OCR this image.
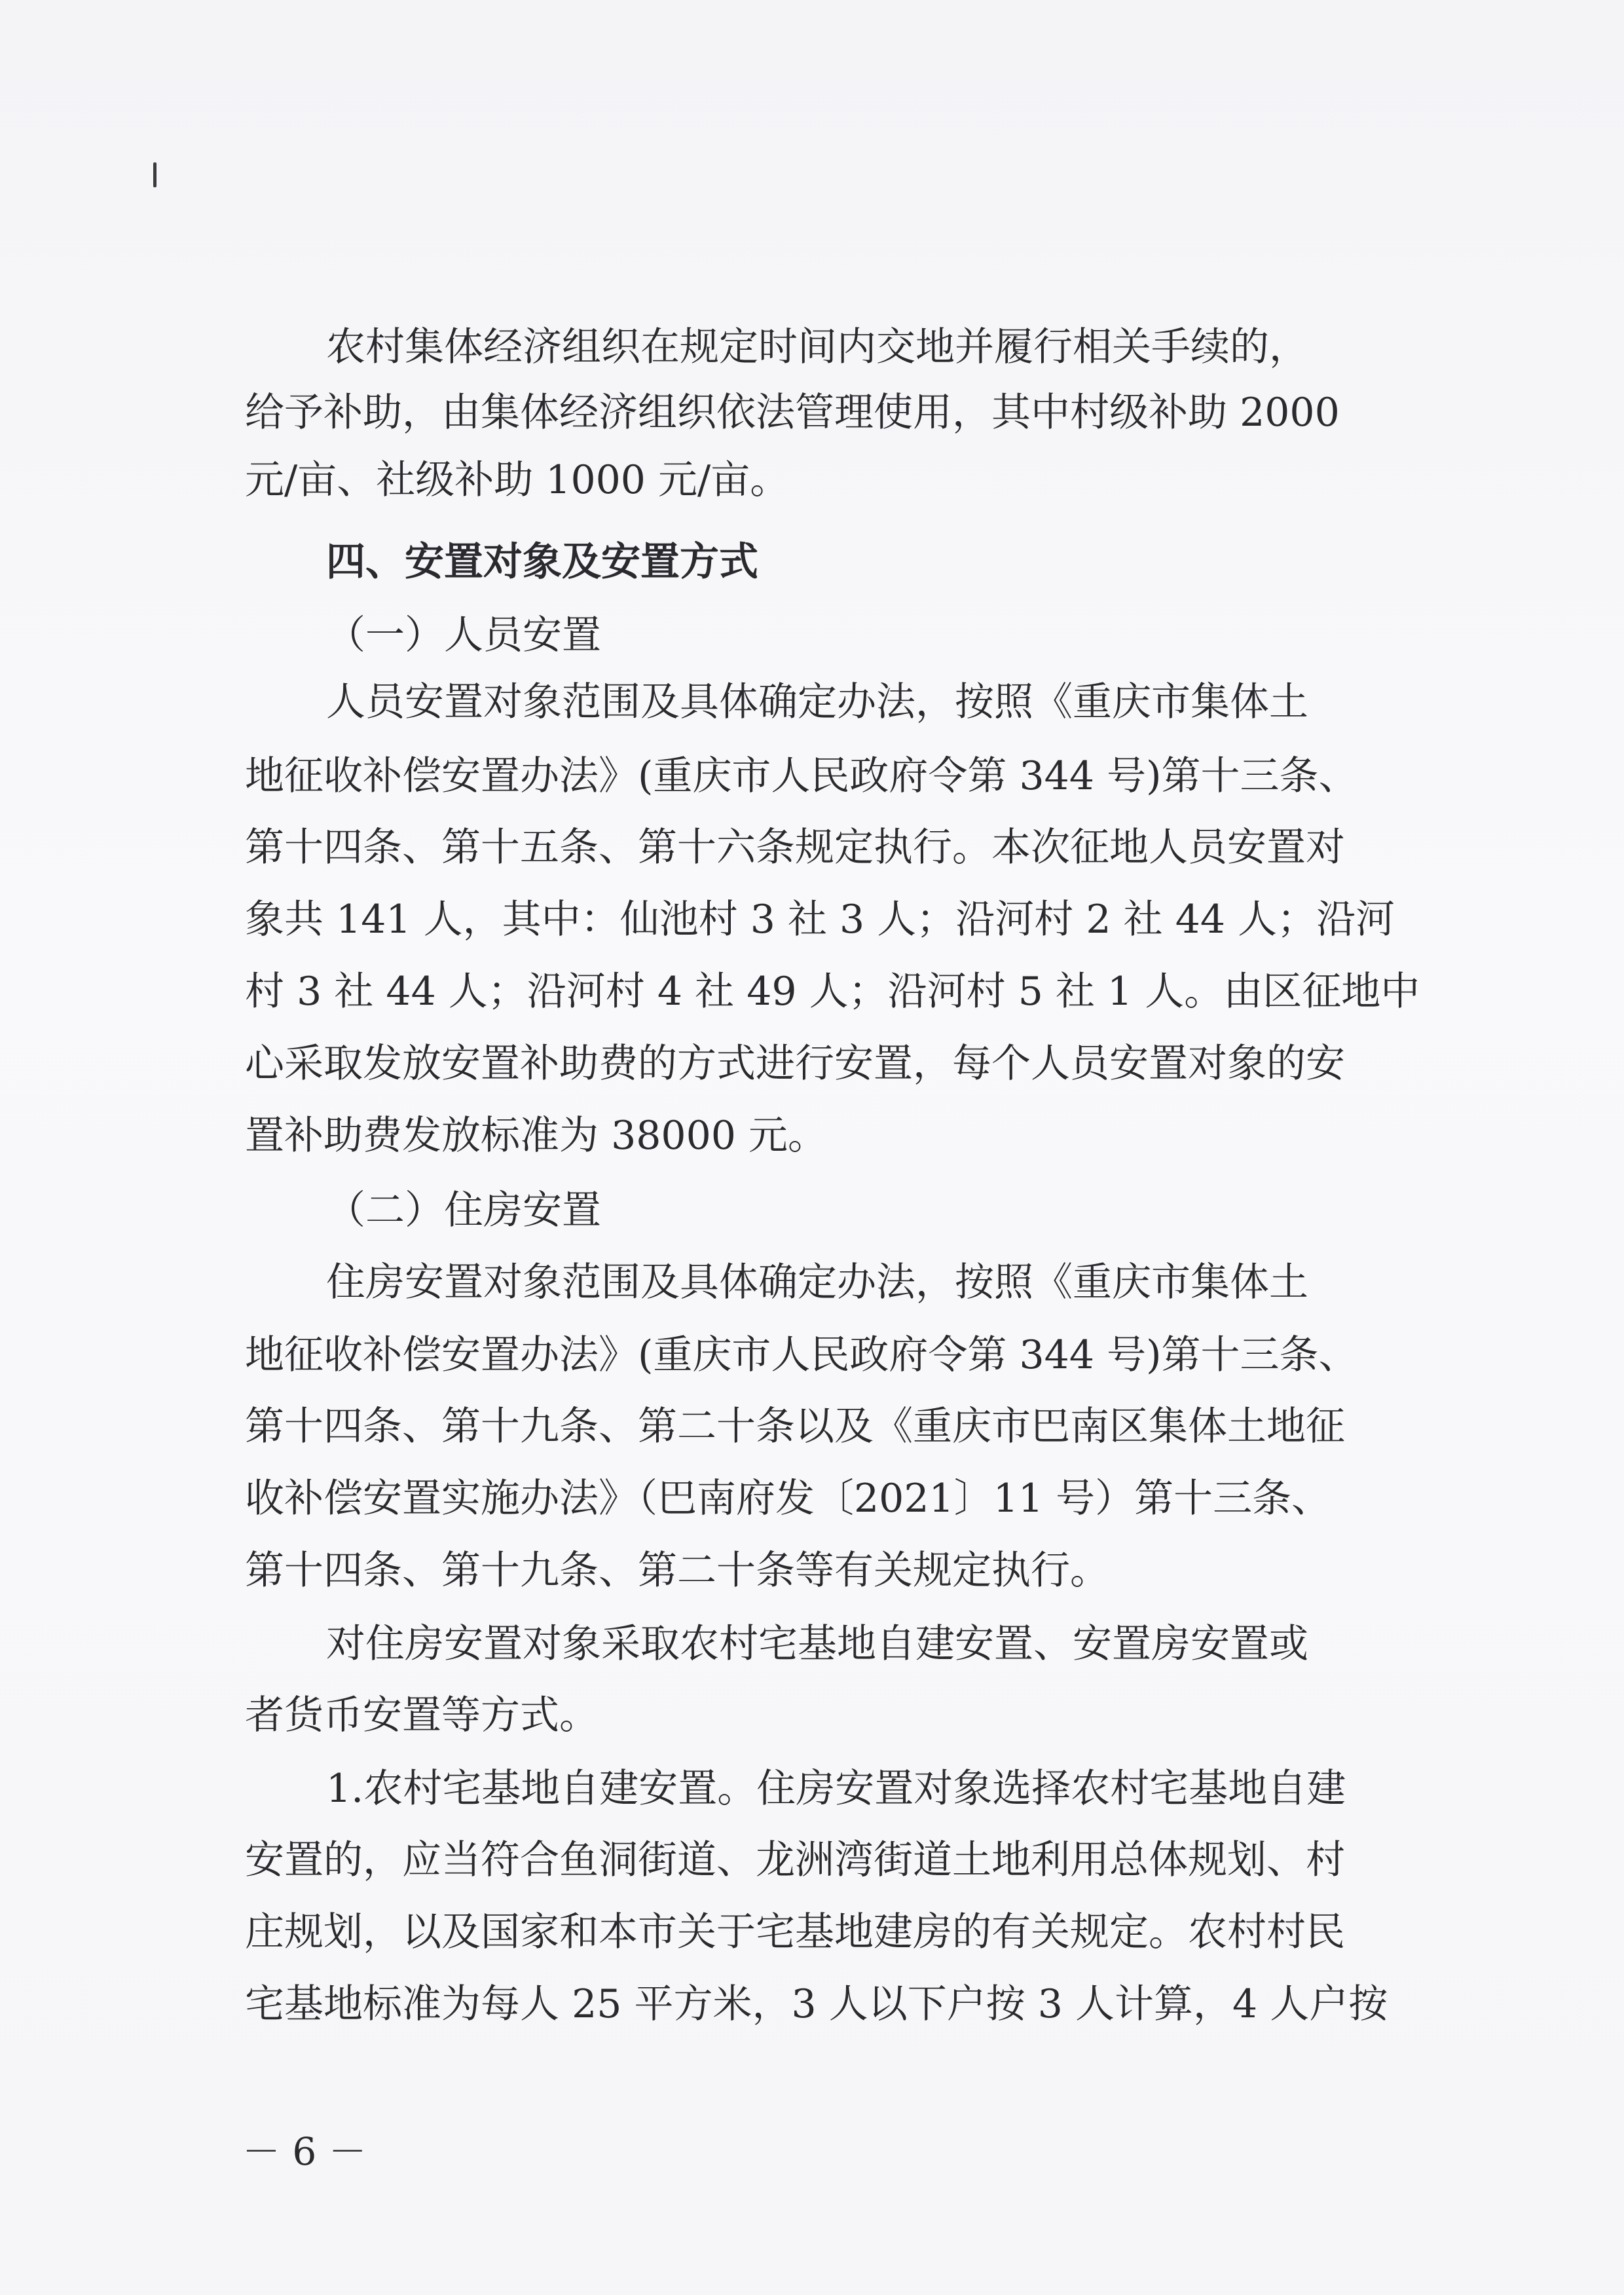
农村集体经济组织在规定时间内交地并履行相关手续的，
给予补助，由集体经济组织依法管理使用，其中村级补助 2000
元/亩、社级补助 1000 元/亩。
四、安置对象及安置方式
（一）人员安置
人员安置对象范围及具体确定办法，按照《重庆市集体土
地征收补偿安置办法》(重庆市人民政府令第 344 号)第十三条、
第十四条、第十五条、第十六条规定执行。本次征地人员安置对
象共 141 人，其中：仙池村 3 社 3 人；沿河村 2 社 44 人；沿河
村 3 社 44 人；沿河村 4 社 49 人；沿河村 5 社 1 人。由区征地中
心采取发放安置补助费的方式进行安置，每个人员安置对象的安
置补助费发放标准为 38000 元。
（二）住房安置
住房安置对象范围及具体确定办法，按照《重庆市集体土
地征收补偿安置办法》(重庆市人民政府令第 344 号)第十三条、
第十四条、第十九条、第二十条以及《重庆市巴南区集体土地征
收补偿安置实施办法》（巴南府发〔2021〕11 号）第十三条、
第十四条、第十九条、第二十条等有关规定执行。
对住房安置对象采取农村宅基地自建安置、安置房安置或
者货币安置等方式。
1.农村宅基地自建安置。住房安置对象选择农村宅基地自建
安置的，应当符合鱼洞街道、龙洲湾街道土地利用总体规划、村
庄规划，以及国家和本市关于宅基地建房的有关规定。农村村民
宅基地标准为每人 25 平方米，3 人以下户按 3 人计算，4 人户按
－ 6 －
